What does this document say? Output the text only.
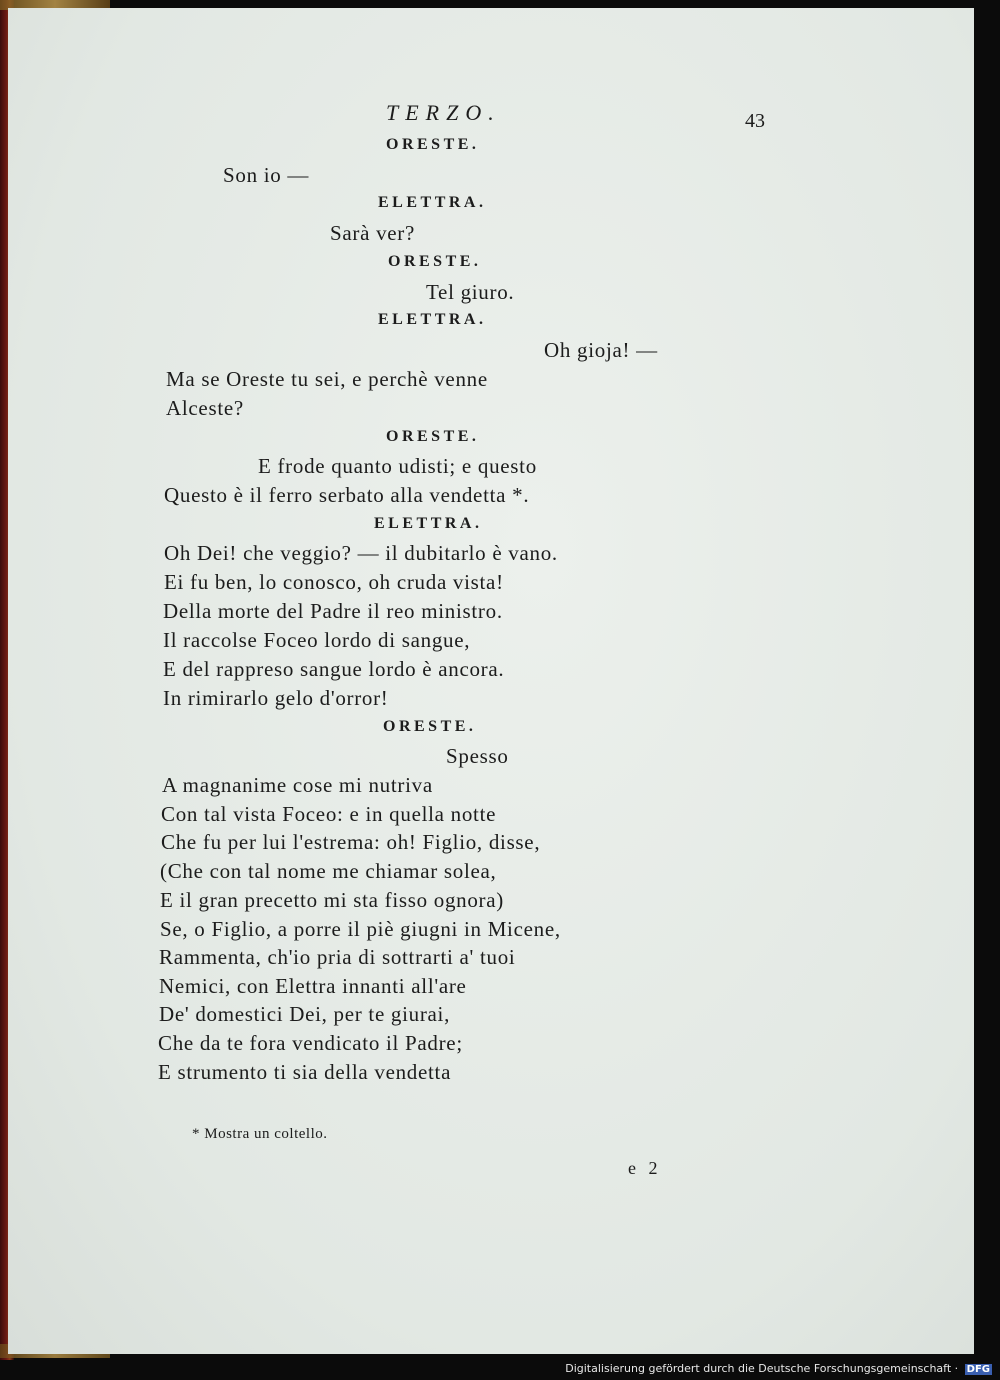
TERZO.	43
ORESTE.
Son io —
ELETTRA.
Sarà ver?
ORESTE.
Tel giuro.
ELETTRA.
Oh gioja! —
Ma se Oreste tu sei, e perchè venne
Alceste?
ORESTE.
E frode quanto udisti; e questo
Questo è il ferro serbato alla vendetta *.
ELETTRA.
Oh Dei! che veggio? — il dubitarlo è vano.
Ei fu ben, lo conosco, oh cruda vista!
Della morte del Padre il reo ministro.
Il raccolse Foceo lordo di sangue,
E del rappreso sangue lordo è ancora.
In rimirarlo gelo d'orror!
ORESTE.
Spesso
A magnanime cose mi nutriva
Con tal vista Foceo: e in quella notte
Che fu per lui l'estrema: oh! Figlio, disse,
(Che con tal nome me chiamar solea,
E il gran precetto mi sta fisso ognora)
Se, o Figlio, a porre il piè giugni in Micene,
Rammenta, ch'io pria di sottrarti a' tuoi
Nemici, con Elettra innanti all'are
De' domestici Dei, per te giurai,
Che da te fora vendicato il Padre;
E strumento ti sia della vendetta
* Mostra un coltello.
e 2
Digitalisierung gefördert durch die Deutsche Forschungsgemeinschaft · DFG
